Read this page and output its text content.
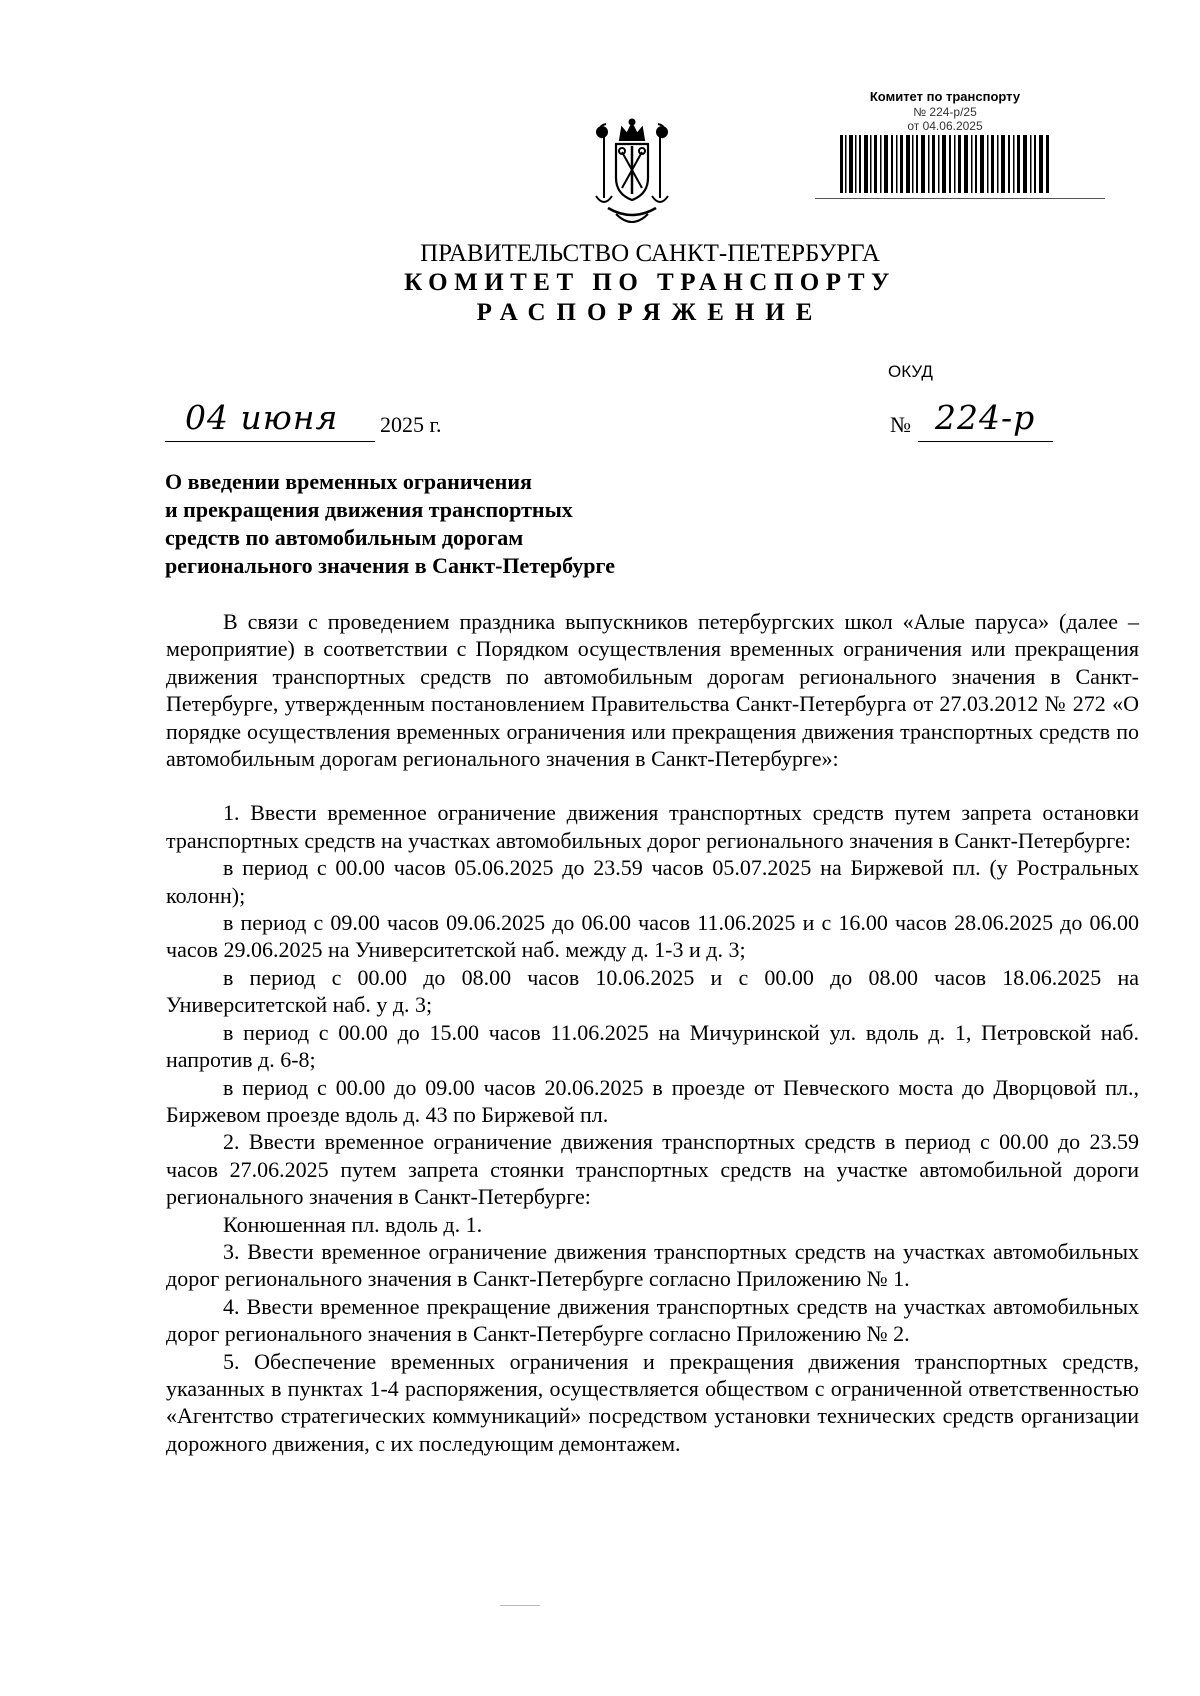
Комитет по транспорту
№ 224-р/25
от 04.06.2025
ПРАВИТЕЛЬСТВО САНКТ-ПЕТЕРБУРГА
КОМИТЕТ ПО ТРАНСПОРТУ
РАСПОРЯЖЕНИЕ
ОКУД
04 июня 2025 г.	№ 224-р
О введении временных ограничения
и прекращения движения транспортных
средств по автомобильным дорогам
регионального значения в Санкт-Петербурге

В связи с проведением праздника выпускников петербургских школ «Алые паруса» (далее – мероприятие) в соответствии с Порядком осуществления временных ограничения или прекращения движения транспортных средств по автомобильным дорогам регионального значения в Санкт-Петербурге, утвержденным постановлением Правительства Санкт-Петербурга от 27.03.2012 № 272 «О порядке осуществления временных ограничения или прекращения движения транспортных средств по автомобильным дорогам регионального значения в Санкт-Петербурге»:

1. Ввести временное ограничение движения транспортных средств путем запрета остановки транспортных средств на участках автомобильных дорог регионального значения в Санкт-Петербурге:

в период с 00.00 часов 05.06.2025 до 23.59 часов 05.07.2025 на Биржевой пл. (у Ростральных колонн);

в период с 09.00 часов 09.06.2025 до 06.00 часов 11.06.2025 и с 16.00 часов 28.06.2025 до 06.00 часов 29.06.2025 на Университетской наб. между д. 1-3 и д. 3;

в период с 00.00 до 08.00 часов 10.06.2025 и с 00.00 до 08.00 часов 18.06.2025 на Университетской наб. у д. 3;

в период с 00.00 до 15.00 часов 11.06.2025 на Мичуринской ул. вдоль д. 1, Петровской наб. напротив д. 6-8;

в период с 00.00 до 09.00 часов 20.06.2025 в проезде от Певческого моста до Дворцовой пл., Биржевом проезде вдоль д. 43 по Биржевой пл.

2. Ввести временное ограничение движения транспортных средств в период с 00.00 до 23.59 часов 27.06.2025 путем запрета стоянки транспортных средств на участке автомобильной дороги регионального значения в Санкт-Петербурге:

Конюшенная пл. вдоль д. 1.

3. Ввести временное ограничение движения транспортных средств на участках автомобильных дорог регионального значения в Санкт-Петербурге согласно Приложению № 1.

4. Ввести временное прекращение движения транспортных средств на участках автомобильных дорог регионального значения в Санкт-Петербурге согласно Приложению № 2.

5. Обеспечение временных ограничения и прекращения движения транспортных средств, указанных в пунктах 1-4 распоряжения, осуществляется обществом с ограниченной ответственностью «Агентство стратегических коммуникаций» посредством установки технических средств организации дорожного движения, с их последующим демонтажем.
